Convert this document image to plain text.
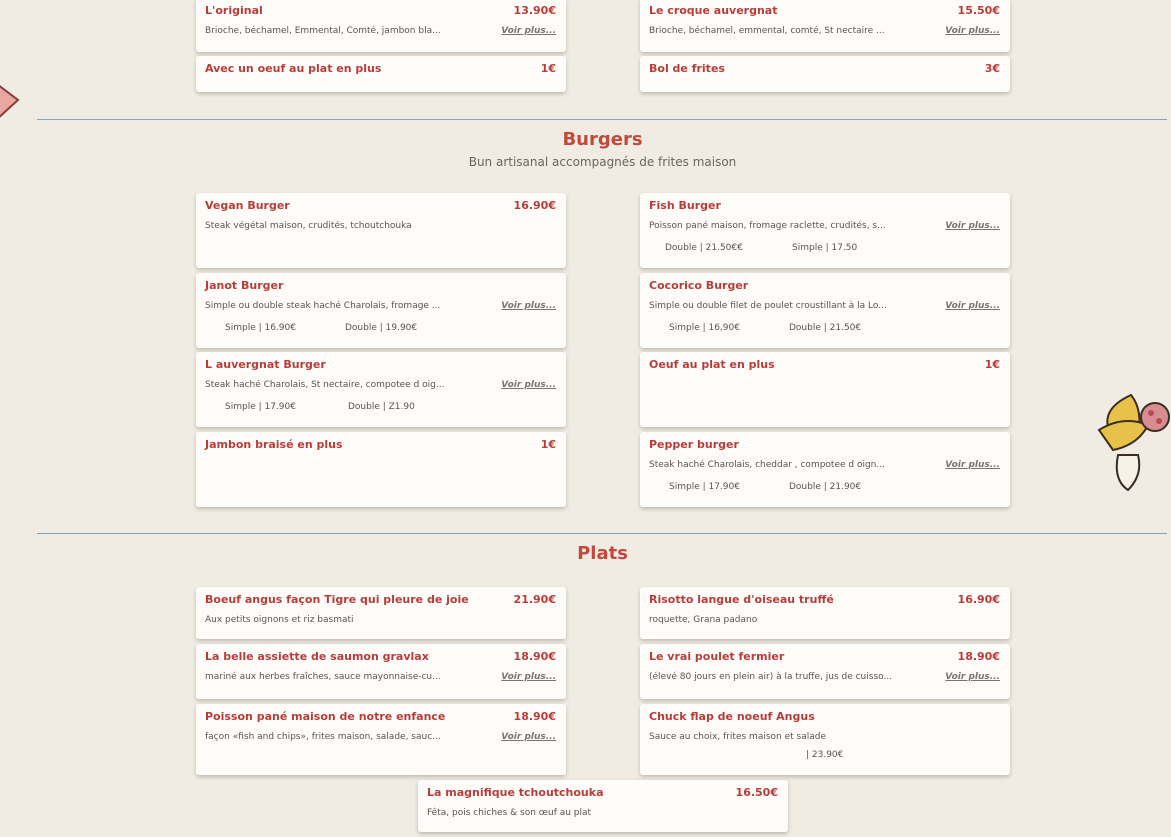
L'original	13.90€
Brioche, béchamel, Emmental, Comté, jambon bla...	Voir plus...
Le croque auvergnat	15.50€
Brioche, béchamel, emmental, comté, St nectaire ...	Voir plus...
Avec un oeuf au plat en plus	1€	Bol de frites	3€
Burgers
Bun artisanal accompagnés de frites maison
Vegan Burger	16.90€
Steak végétal maison, crudités, tchoutchouka
Fish Burger
Poisson pané maison, fromage raclette, crudités, s...	Voir plus...
Double | 21.50€€	Simple | 17.50
Janot Burger
Simple ou double steak haché Charolais, fromage ...	Voir plus...
Simple | 16.90€	Double | 19.90€
Cocorico Burger
Simple ou double filet de poulet croustillant à la Lo...	Voir plus...
Simple | 16,90€	Double | 21.50€
L auvergnat Burger
Steak haché Charolais, St nectaire, compotee d oig...	Voir plus...
Simple | 17.90€	Double | Z1.90
Oeuf au plat en plus	1€
Jambon braisé en plus	1€	Pepper burger
Steak haché Charolais, cheddar , compotee d oign...	Voir plus...
Simple | 17.90€	Double | 21.90€
Plats
Boeuf angus façon Tigre qui pleure de joie	21.90€
Aux petits oignons et riz basmati
Risotto langue d'oiseau truffé	16.90€
roquette, Grana padano
La belle assiette de saumon gravlax	18.90€
mariné aux herbes fraîches, sauce mayonnaise-cu...	Voir plus...
Le vrai poulet fermier	18.90€
(élevé 80 jours en plein air) à la truffe, jus de cuisso...	Voir plus...
Poisson pané maison de notre enfance	18.90€
façon «fish and chips», frites maison, salade, sauc...	Voir plus...
Chuck flap de noeuf Angus
Sauce au choix, frites maison et salade
| 23.90€
La magnifique tchoutchouka	16.50€
Fêta, pois chiches & son œuf au plat
